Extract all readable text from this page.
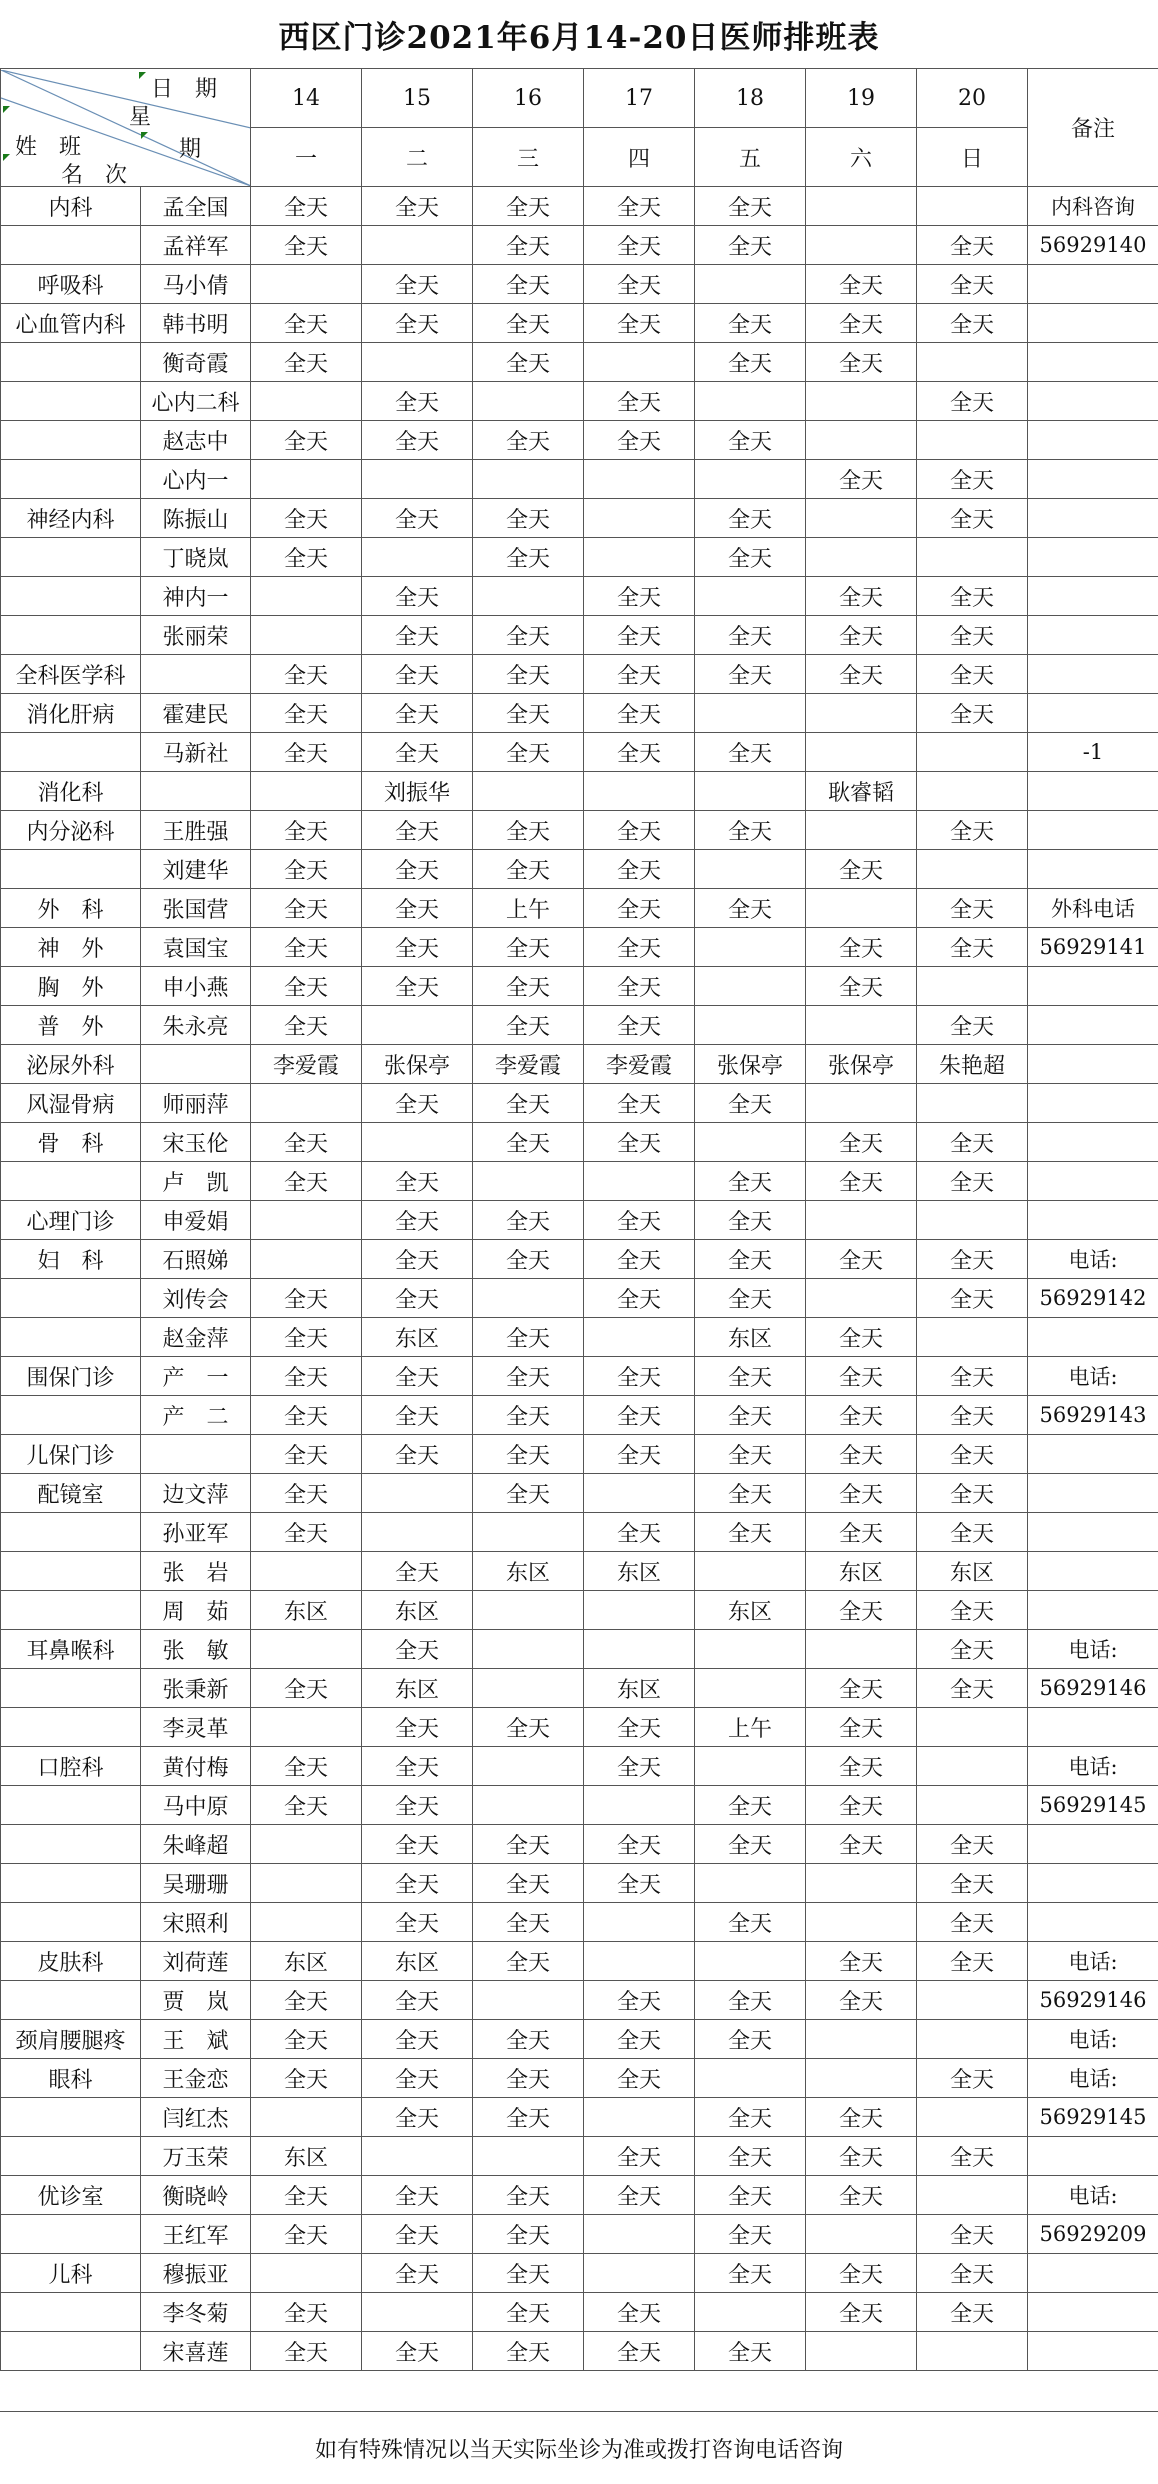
西区门诊2021年6月14-20日医师排班表
日　期
星
期
姓　班
名　次		14	15	16	17	18	19	20	备注
		一	二	三	四	五	六	日	
内科	孟全国	全天	全天	全天	全天	全天			内科咨询
	孟祥军	全天		全天	全天	全天		全天	56929140
呼吸科	马小倩		全天	全天	全天		全天	全天	
心血管内科	韩书明	全天	全天	全天	全天	全天	全天	全天	
	衡奇霞	全天		全天		全天	全天		
	心内二科		全天		全天			全天	
	赵志中	全天	全天	全天	全天	全天			
	心内一						全天	全天	
神经内科	陈振山	全天	全天	全天		全天		全天	
	丁晓岚	全天		全天		全天			
	神内一		全天		全天		全天	全天	
	张丽荣		全天	全天	全天	全天	全天	全天	
全科医学科		全天	全天	全天	全天	全天	全天	全天	
消化肝病	霍建民	全天	全天	全天	全天			全天	
	马新社	全天	全天	全天	全天	全天			-1
消化科			刘振华				耿睿韬		
内分泌科	王胜强	全天	全天	全天	全天	全天		全天	
	刘建华	全天	全天	全天	全天		全天		
外　科	张国营	全天	全天	上午	全天	全天		全天	外科电话
神　外	袁国宝	全天	全天	全天	全天		全天	全天	56929141
胸　外	申小燕	全天	全天	全天	全天		全天		
普　外	朱永亮	全天		全天	全天			全天	
泌尿外科		李爱霞	张保亭	李爱霞	李爱霞	张保亭	张保亭	朱艳超	
风湿骨病	师丽萍		全天	全天	全天	全天			
骨　科	宋玉伦	全天		全天	全天		全天	全天	
	卢　凯	全天	全天			全天	全天	全天	
心理门诊	申爱娟		全天	全天	全天	全天			
妇　科	石照娣		全天	全天	全天	全天	全天	全天	电话:
	刘传会	全天	全天		全天	全天		全天	56929142
	赵金萍	全天	东区	全天		东区	全天		
围保门诊	产　一	全天	全天	全天	全天	全天	全天	全天	电话:
	产　二	全天	全天	全天	全天	全天	全天	全天	56929143
儿保门诊		全天	全天	全天	全天	全天	全天	全天	
配镜室	边文萍	全天		全天		全天	全天	全天	
	孙亚军	全天			全天	全天	全天	全天	
	张　岩		全天	东区	东区		东区	东区	
	周　茹	东区	东区			东区	全天	全天	
耳鼻喉科	张　敏		全天					全天	电话:
	张秉新	全天	东区		东区		全天	全天	56929146
	李灵革		全天	全天	全天	上午	全天		
口腔科	黄付梅	全天	全天		全天		全天		电话:
	马中原	全天	全天			全天	全天		56929145
	朱峰超		全天	全天	全天	全天	全天	全天	
	吴珊珊		全天	全天	全天			全天	
	宋照利		全天	全天		全天		全天	
皮肤科	刘荷莲	东区	东区	全天			全天	全天	电话:
	贾　岚	全天	全天		全天	全天	全天		56929146
颈肩腰腿疼	王　斌	全天	全天	全天	全天	全天			电话:
眼科	王金恋	全天	全天	全天	全天			全天	电话:
	闫红杰		全天	全天		全天	全天		56929145
	万玉荣	东区			全天	全天	全天	全天	
优诊室	衡晓岭	全天	全天	全天	全天	全天	全天		电话:
	王红军	全天	全天	全天		全天		全天	56929209
儿科	穆振亚		全天	全天		全天	全天	全天	
	李冬菊	全天		全天	全天		全天	全天	
	宋喜莲	全天	全天	全天	全天	全天			
如有特殊情况以当天实际坐诊为准或拨打咨询电话咨询
